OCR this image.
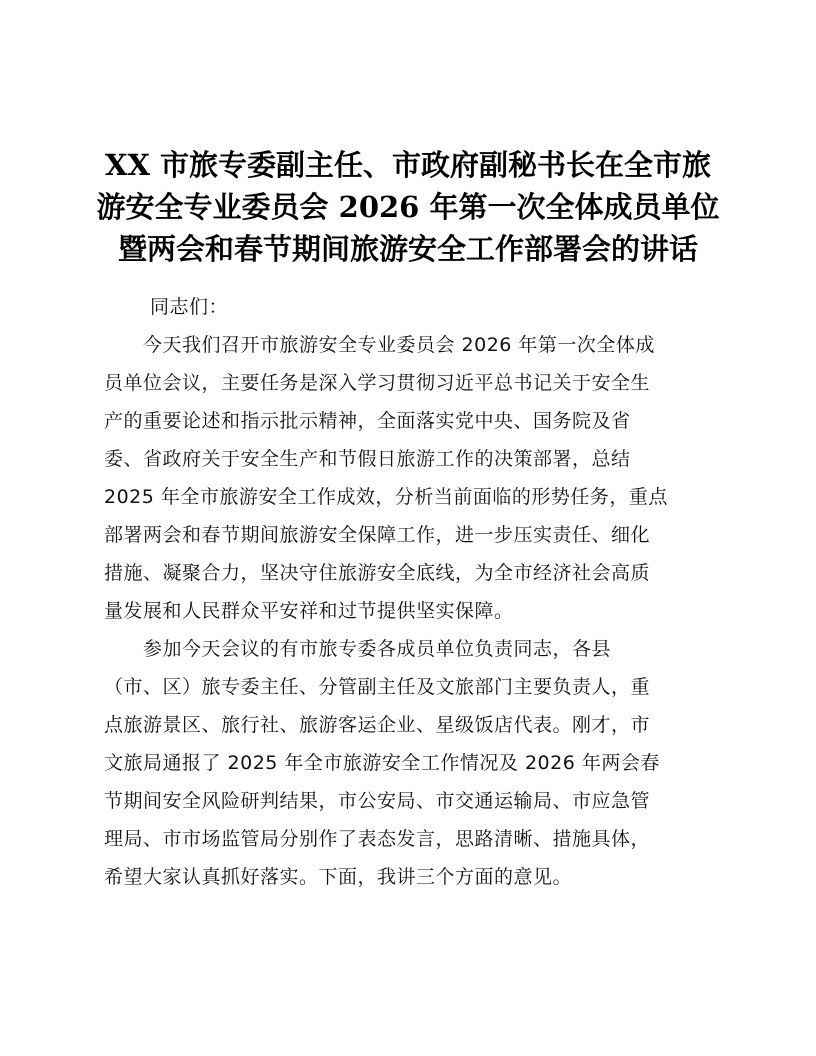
XX 市旅专委副主任、市政府副秘书长在全市旅
游安全专业委员会 2026 年第一次全体成员单位
暨两会和春节期间旅游安全工作部署会的讲话

同志们：

　　今天我们召开市旅游安全专业委员会 2026 年第一次全体成
员单位会议，主要任务是深入学习贯彻习近平总书记关于安全生
产的重要论述和指示批示精神，全面落实党中央、国务院及省
委、省政府关于安全生产和节假日旅游工作的决策部署，总结
2025 年全市旅游安全工作成效，分析当前面临的形势任务，重点
部署两会和春节期间旅游安全保障工作，进一步压实责任、细化
措施、凝聚合力，坚决守住旅游安全底线，为全市经济社会高质
量发展和人民群众平安祥和过节提供坚实保障。

　　参加今天会议的有市旅专委各成员单位负责同志，各县
（市、区）旅专委主任、分管副主任及文旅部门主要负责人，重
点旅游景区、旅行社、旅游客运企业、星级饭店代表。刚才，市
文旅局通报了 2025 年全市旅游安全工作情况及 2026 年两会春
节期间安全风险研判结果，市公安局、市交通运输局、市应急管
理局、市市场监管局分别作了表态发言，思路清晰、措施具体，
希望大家认真抓好落实。下面，我讲三个方面的意见。
